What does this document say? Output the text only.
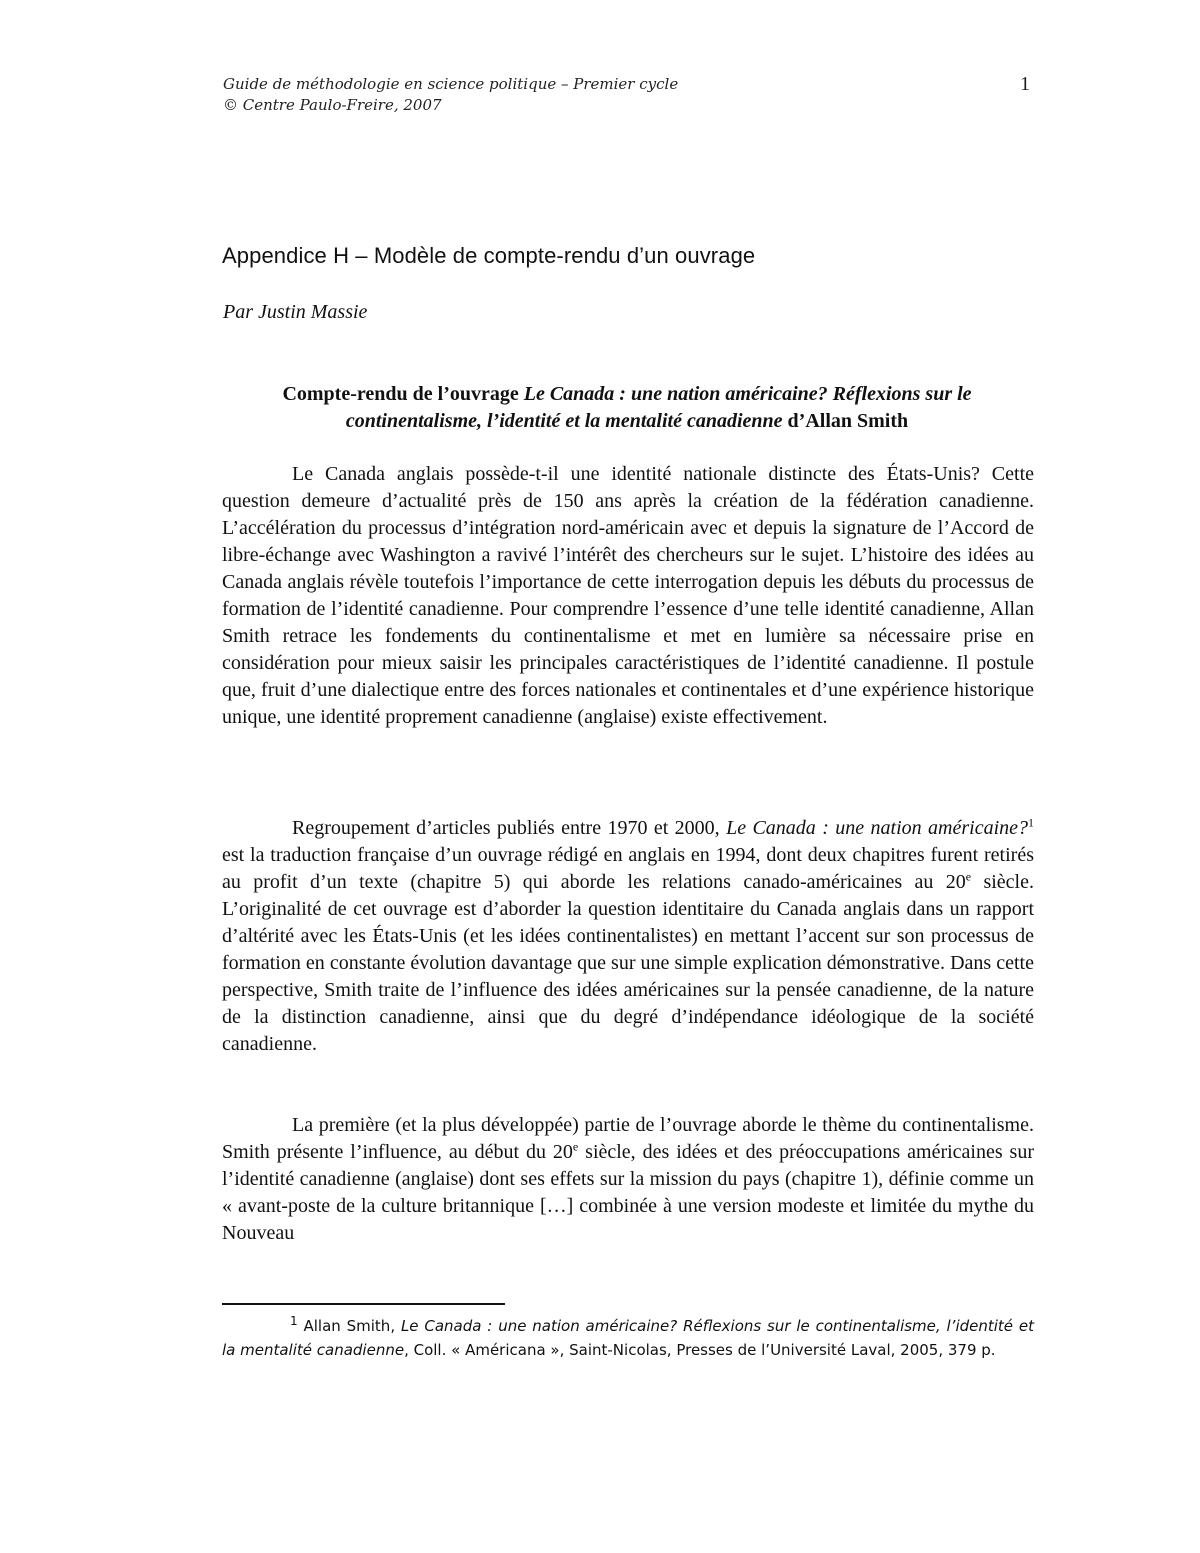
Guide de méthodologie en science politique – Premier cycle
© Centre Paulo-Freire, 2007
1
Appendice H – Modèle de compte-rendu d’un ouvrage
Par Justin Massie
Compte-rendu de l’ouvrage Le Canada : une nation américaine? Réflexions sur le continentalisme, l’identité et la mentalité canadienne d’Allan Smith

Le Canada anglais possède-t-il une identité nationale distincte des États-Unis? Cette question demeure d’actualité près de 150 ans après la création de la fédération canadienne. L’accélération du processus d’intégration nord-américain avec et depuis la signature de l’Accord de libre-échange avec Washington a ravivé l’intérêt des chercheurs sur le sujet. L’histoire des idées au Canada anglais révèle toutefois l’importance de cette interrogation depuis les débuts du processus de formation de l’identité canadienne. Pour comprendre l’essence d’une telle identité canadienne, Allan Smith retrace les fondements du continentalisme et met en lumière sa nécessaire prise en considération pour mieux saisir les principales caractéristiques de l’identité canadienne. Il postule que, fruit d’une dialectique entre des forces nationales et continentales et d’une expérience historique unique, une identité proprement canadienne (anglaise) existe effectivement.

Regroupement d’articles publiés entre 1970 et 2000, Le Canada : une nation américaine?$^1$ est la traduction française d’un ouvrage rédigé en anglais en 1994, dont deux chapitres furent retirés au profit d’un texte (chapitre 5) qui aborde les relations canado-américaines au 20e siècle. L’originalité de cet ouvrage est d’aborder la question identitaire du Canada anglais dans un rapport d’altérité avec les États-Unis (et les idées continentalistes) en mettant l’accent sur son processus de formation en constante évolution davantage que sur une simple explication démonstrative. Dans cette perspective, Smith traite de l’influence des idées américaines sur la pensée canadienne, de la nature de la distinction canadienne, ainsi que du degré d’indépendance idéologique de la société canadienne.

La première (et la plus développée) partie de l’ouvrage aborde le thème du continentalisme. Smith présente l’influence, au début du 20e siècle, des idées et des préoccupations américaines sur l’identité canadienne (anglaise) dont ses effets sur la mission du pays (chapitre 1), définie comme un « avant-poste de la culture britannique […] combinée à une version modeste et limitée du mythe du Nouveau

$^1$ Allan Smith, Le Canada : une nation américaine? Réflexions sur le continentalisme, l’identité et la mentalité canadienne, Coll. « Américana », Saint-Nicolas, Presses de l’Université Laval, 2005, 379 p.
